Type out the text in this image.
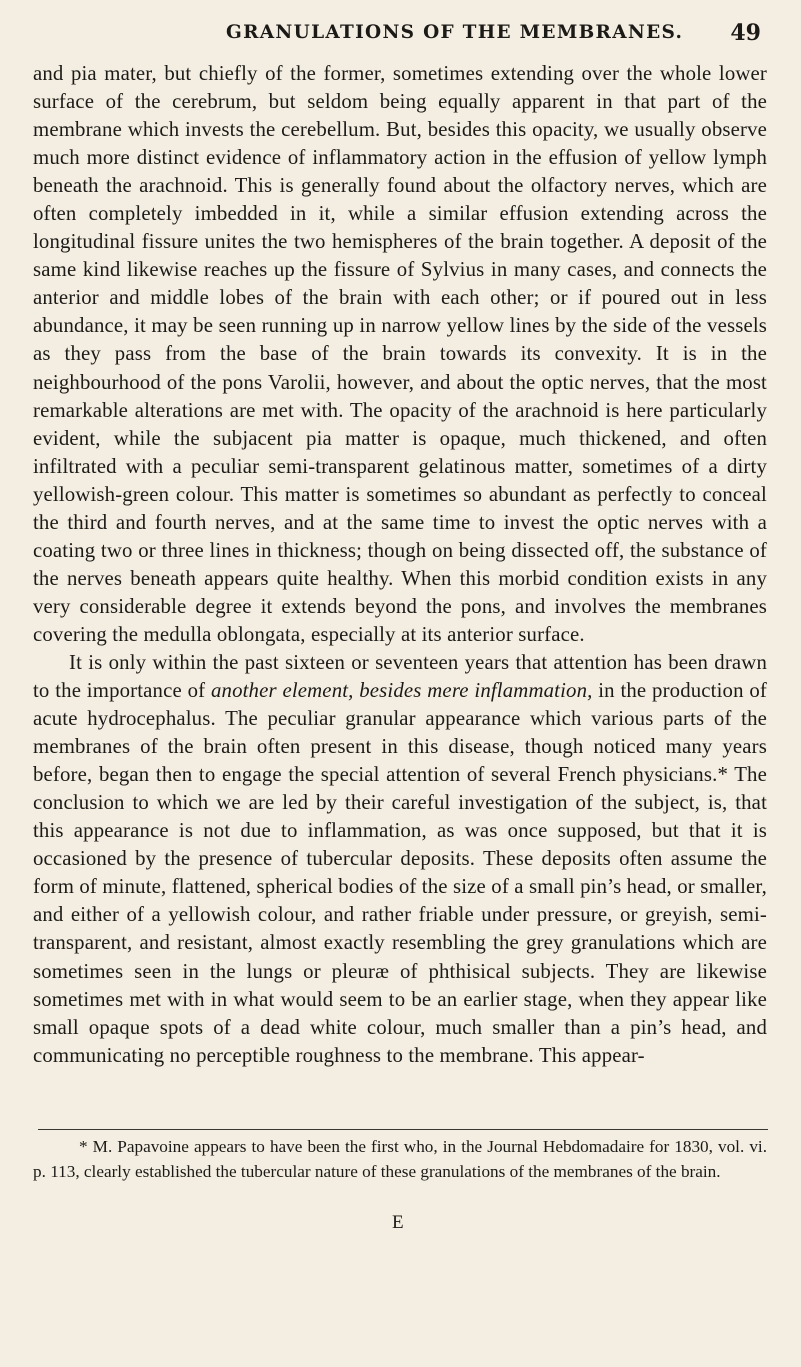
GRANULATIONS OF THE MEMBRANES. 49

and pia mater, but chiefly of the former, sometimes extending over the whole lower surface of the cerebrum, but seldom being equally apparent in that part of the membrane which invests the cerebellum. But, besides this opacity, we usually observe much more distinct evidence of inflammatory action in the effusion of yellow lymph beneath the arachnoid. This is generally found about the olfactory nerves, which are often completely imbedded in it, while a similar effusion extending across the longitudinal fissure unites the two hemispheres of the brain together. A deposit of the same kind likewise reaches up the fissure of Sylvius in many cases, and connects the anterior and middle lobes of the brain with each other; or if poured out in less abundance, it may be seen running up in narrow yellow lines by the side of the vessels as they pass from the base of the brain towards its convexity. It is in the neighbourhood of the pons Varolii, however, and about the optic nerves, that the most remarkable alterations are met with. The opacity of the arachnoid is here particularly evident, while the subjacent pia matter is opaque, much thickened, and often infiltrated with a peculiar semi-transparent gelatinous matter, sometimes of a dirty yellowish-green colour. This matter is sometimes so abundant as perfectly to conceal the third and fourth nerves, and at the same time to invest the optic nerves with a coating two or three lines in thickness; though on being dissected off, the substance of the nerves beneath appears quite healthy. When this morbid condition exists in any very considerable degree it extends beyond the pons, and involves the membranes covering the medulla oblongata, especially at its anterior surface.

It is only within the past sixteen or seventeen years that attention has been drawn to the importance of another element, besides mere inflammation, in the production of acute hydrocephalus. The peculiar granular appearance which various parts of the membranes of the brain often present in this disease, though noticed many years before, began then to engage the special attention of several French physicians.* The conclusion to which we are led by their careful investigation of the subject, is, that this appearance is not due to inflammation, as was once supposed, but that it is occasioned by the presence of tubercular deposits. These deposits often assume the form of minute, flattened, spherical bodies of the size of a small pin’s head, or smaller, and either of a yellowish colour, and rather friable under pressure, or greyish, semi-transparent, and resistant, almost exactly resembling the grey granulations which are sometimes seen in the lungs or pleuræ of phthisical subjects. They are likewise sometimes met with in what would seem to be an earlier stage, when they appear like small opaque spots of a dead white colour, much smaller than a pin’s head, and communicating no perceptible roughness to the membrane. This appear-

* M. Papavoine appears to have been the first who, in the Journal Hebdomadaire for 1830, vol. vi. p. 113, clearly established the tubercular nature of these granulations of the membranes of the brain.

E
